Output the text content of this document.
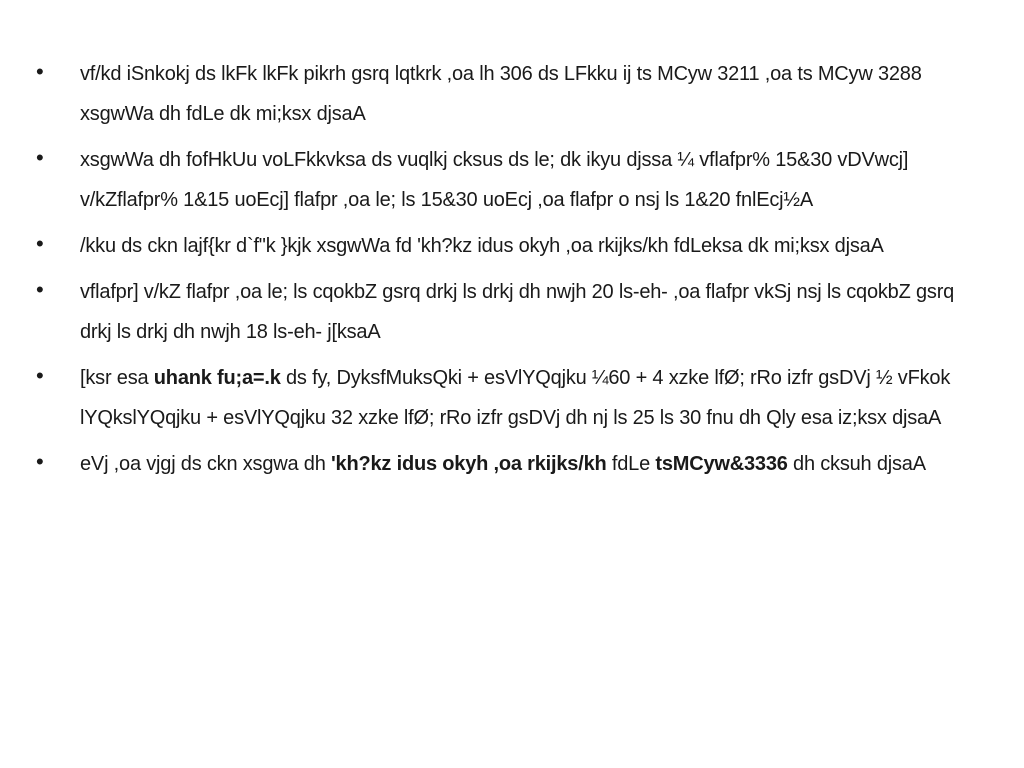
• vf/kd iSnkokj ds lkFk lkFk pikrh gsrq lqtkrk ,oa lh 306 ds LFkku ij ts MCyw 3211 ,oa ts MCyw 3288 xsgwWa dh fdLe dk mi;ksx djsaA
• xsgwWa dh fofHkUu voLFkkvksa ds vuqlkj cksus ds le; dk ikyu djssa ¼ vflafpr% 15&30 vDVwcj] v/kZflafpr% 1&15 uoEcj] flafpr ,oa le; ls 15&30 uoEcj ,oa flafpr o nsj ls 1&20 fnlEcj½A
• /kku ds ckn lajf{kr d`f"k }kjk xsgwWa fd 'kh?kz idus okyh ,oa rkijks/kh fdLeksa dk mi;ksx djsaA
• vflafpr] v/kZ flafpr ,oa le; ls cqokbZ gsrq drkj ls drkj dh nwjh 20 ls-eh- ,oa flafpr vkSj nsj ls cqokbZ gsrq drkj ls drkj dh nwjh 18 ls-eh- j[ksaA
• [ksr esa uhank fu;a=.k ds fy, DyksfMuksQki + esVlYQqjku ¼60 + 4 xzke lfØ; rRo izfr gsDVj ½ vFkok lYQkslYQqjku + esVlYQqjku 32 xzke lfØ; rRo izfr gsDVj dh nj ls 25 ls 30 fnu dh Qly esa iz;ksx djsaA
• eVj ,oa vjgj ds ckn xsgwa dh 'kh?kz idus okyh ,oa rkijks/kh fdLe tsMCyw&3336 dh cksuh djsaA
